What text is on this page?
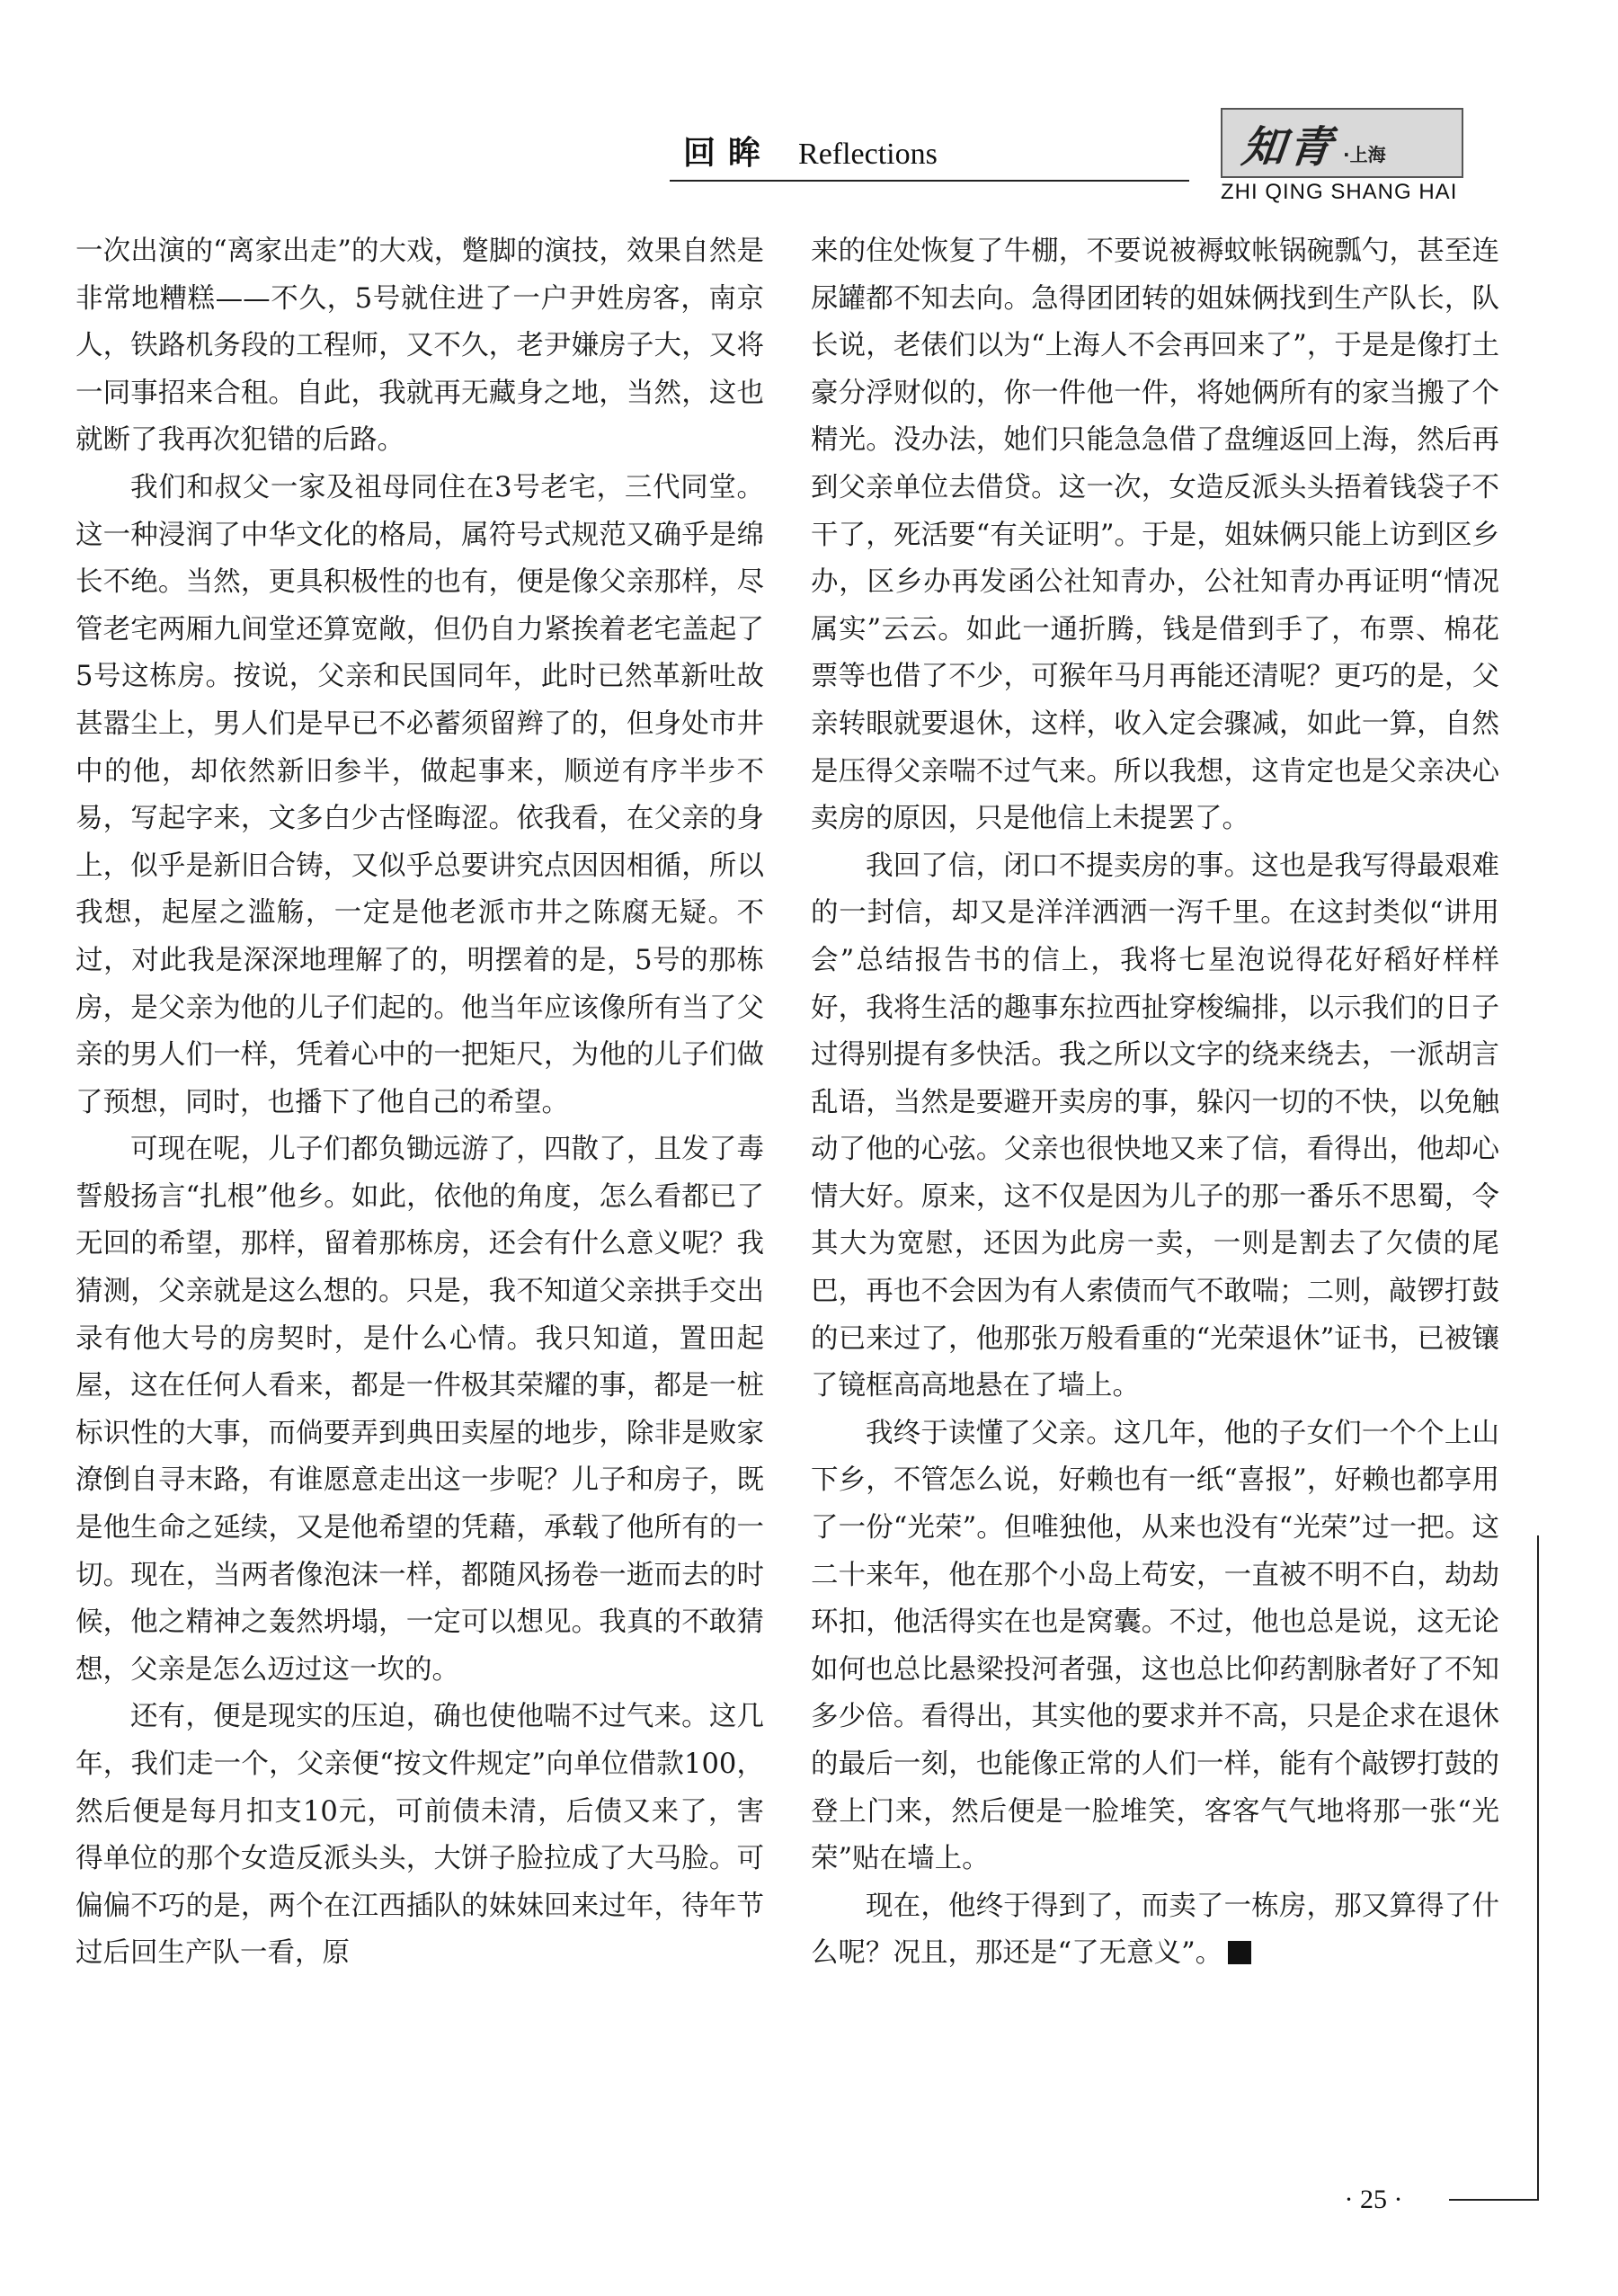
回眸 Reflections	知青 ·上海
ZHI QING SHANG HAI

一次出演的“离家出走”的大戏，蹩脚的演技，效果自然是非常地糟糕——不久，5号就住进了一户尹姓房客，南京人，铁路机务段的工程师，又不久，老尹嫌房子大，又将一同事招来合租。自此，我就再无藏身之地，当然，这也就断了我再次犯错的后路。

我们和叔父一家及祖母同住在3号老宅，三代同堂。这一种浸润了中华文化的格局，属符号式规范又确乎是绵长不绝。当然，更具积极性的也有，便是像父亲那样，尽管老宅两厢九间堂还算宽敞，但仍自力紧挨着老宅盖起了5号这栋房。按说，父亲和民国同年，此时已然革新吐故甚嚣尘上，男人们是早已不必蓄须留辫了的，但身处市井中的他，却依然新旧参半，做起事来，顺逆有序半步不易，写起字来，文多白少古怪晦涩。依我看，在父亲的身上，似乎是新旧合铸，又似乎总要讲究点因因相循，所以我想，起屋之滥觞，一定是他老派市井之陈腐无疑。不过，对此我是深深地理解了的，明摆着的是，5号的那栋房，是父亲为他的儿子们起的。他当年应该像所有当了父亲的男人们一样，凭着心中的一把矩尺，为他的儿子们做了预想，同时，也播下了他自己的希望。

可现在呢，儿子们都负锄远游了，四散了，且发了毒誓般扬言“扎根”他乡。如此，依他的角度，怎么看都已了无回的希望，那样，留着那栋房，还会有什么意义呢？我猜测，父亲就是这么想的。只是，我不知道父亲拱手交出录有他大号的房契时，是什么心情。我只知道，置田起屋，这在任何人看来，都是一件极其荣耀的事，都是一桩标识性的大事，而倘要弄到典田卖屋的地步，除非是败家潦倒自寻末路，有谁愿意走出这一步呢？儿子和房子，既是他生命之延续，又是他希望的凭藉，承载了他所有的一切。现在，当两者像泡沫一样，都随风扬卷一逝而去的时候，他之精神之轰然坍塌，一定可以想见。我真的不敢猜想，父亲是怎么迈过这一坎的。

还有，便是现实的压迫，确也使他喘不过气来。这几年，我们走一个，父亲便“按文件规定”向单位借款100，然后便是每月扣支10元，可前债未清，后债又来了，害得单位的那个女造反派头头，大饼子脸拉成了大马脸。可偏偏不巧的是，两个在江西插队的妹妹回来过年，待年节过后回生产队一看，原

来的住处恢复了牛棚，不要说被褥蚊帐锅碗瓢勺，甚至连尿罐都不知去向。急得团团转的姐妹俩找到生产队长，队长说，老俵们以为“上海人不会再回来了”，于是是像打土豪分浮财似的，你一件他一件，将她俩所有的家当搬了个精光。没办法，她们只能急急借了盘缠返回上海，然后再到父亲单位去借贷。这一次，女造反派头头捂着钱袋子不干了，死活要“有关证明”。于是，姐妹俩只能上访到区乡办，区乡办再发函公社知青办，公社知青办再证明“情况属实”云云。如此一通折腾，钱是借到手了，布票、棉花票等也借了不少，可猴年马月再能还清呢？更巧的是，父亲转眼就要退休，这样，收入定会骤减，如此一算，自然是压得父亲喘不过气来。所以我想，这肯定也是父亲决心卖房的原因，只是他信上未提罢了。

我回了信，闭口不提卖房的事。这也是我写得最艰难的一封信，却又是洋洋洒洒一泻千里。在这封类似“讲用会”总结报告书的信上，我将七星泡说得花好稻好样样好，我将生活的趣事东拉西扯穿梭编排，以示我们的日子过得别提有多快活。我之所以文字的绕来绕去，一派胡言乱语，当然是要避开卖房的事，躲闪一切的不快，以免触动了他的心弦。父亲也很快地又来了信，看得出，他却心情大好。原来，这不仅是因为儿子的那一番乐不思蜀，令其大为宽慰，还因为此房一卖，一则是割去了欠债的尾巴，再也不会因为有人索债而气不敢喘；二则，敲锣打鼓的已来过了，他那张万般看重的“光荣退休”证书，已被镶了镜框高高地悬在了墙上。

我终于读懂了父亲。这几年，他的子女们一个个上山下乡，不管怎么说，好赖也有一纸“喜报”，好赖也都享用了一份“光荣”。但唯独他，从来也没有“光荣”过一把。这二十来年，他在那个小岛上苟安，一直被不明不白，劫劫环扣，他活得实在也是窝囊。不过，他也总是说，这无论如何也总比悬梁投河者强，这也总比仰药割脉者好了不知多少倍。看得出，其实他的要求并不高，只是企求在退休的最后一刻，也能像正常的人们一样，能有个敲锣打鼓的登上门来，然后便是一脸堆笑，客客气气地将那一张“光荣”贴在墙上。

现在，他终于得到了，而卖了一栋房，那又算得了什么呢？况且，那还是“了无意义”。

· 25 ·
